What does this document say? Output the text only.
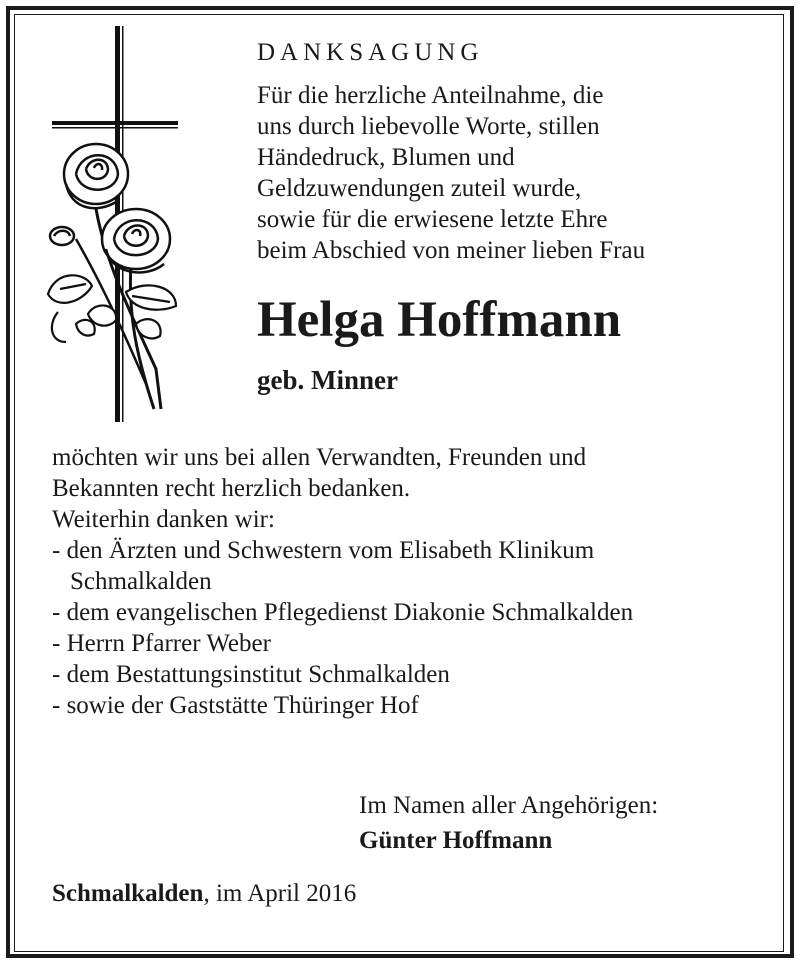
DANKSAGUNG
Für die herzliche Anteilnahme, die
uns durch liebevolle Worte, stillen
Händedruck, Blumen und
Geldzuwendungen zuteil wurde,
sowie für die erwiesene letzte Ehre
beim Abschied von meiner lieben Frau
Helga Hoffmann
geb. Minner
möchten wir uns bei allen Verwandten, Freunden und
Bekannten recht herzlich bedanken.
Weiterhin danken wir:
- den Ärzten und Schwestern vom Elisabeth Klinikum
Schmalkalden
- dem evangelischen Pflegedienst Diakonie Schmalkalden
- Herrn Pfarrer Weber
- dem Bestattungsinstitut Schmalkalden
- sowie der Gaststätte Thüringer Hof
Im Namen aller Angehörigen:
Günter Hoffmann
Schmalkalden, im April 2016
